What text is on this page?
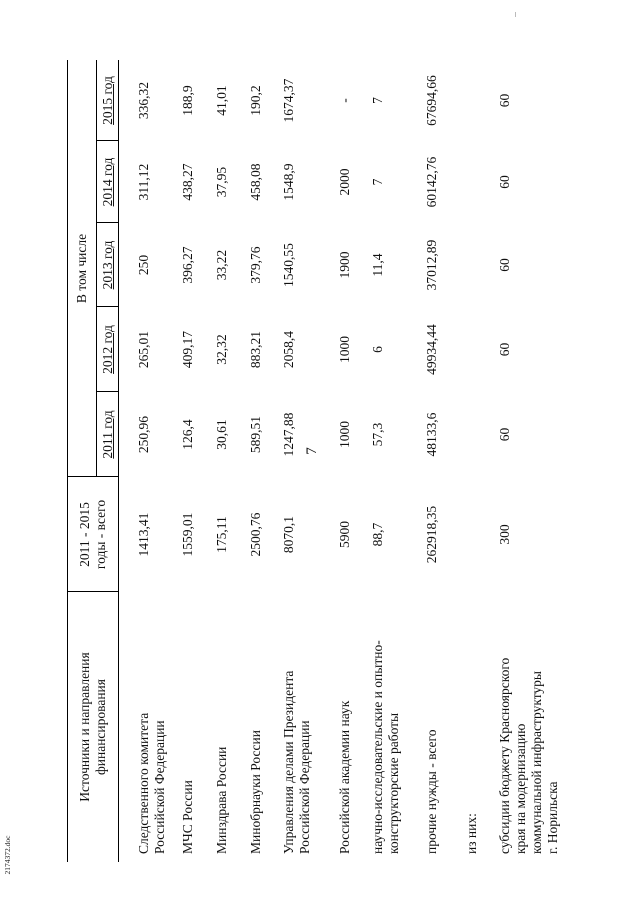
7
2174372.doc
Источники и направления финансирования
2011 - 2015 годы - всего
В том числе
2011 год
2012 год
2013 год
2014 год
2015 год
Следственного комитета Российской Федерации
1413,41
250,96
265,01
250
311,12
336,32
МЧС России
1559,01
126,4
409,17
396,27
438,27
188,9
Минздрава России
175,11
30,61
32,32
33,22
37,95
41,01
Минобрнауки России
2500,76
589,51
883,21
379,76
458,08
190,2
Управления делами Президента Российской Федерации
8070,1
1247,88
2058,4
1540,55
1548,9
1674,37
Российской академии наук
5900
1000
1000
1900
2000
-
научно-исследовательские и опытно- конструкторские работы
88,7
57,3
6
11,4
7
7
прочие нужды - всего
262918,35
48133,6
49934,44
37012,89
60142,76
67694,66
из них: субсидии бюджету Красноярского края на модернизацию коммунальной инфраструктуры г. Норильска
300
60
60
60
60
60
